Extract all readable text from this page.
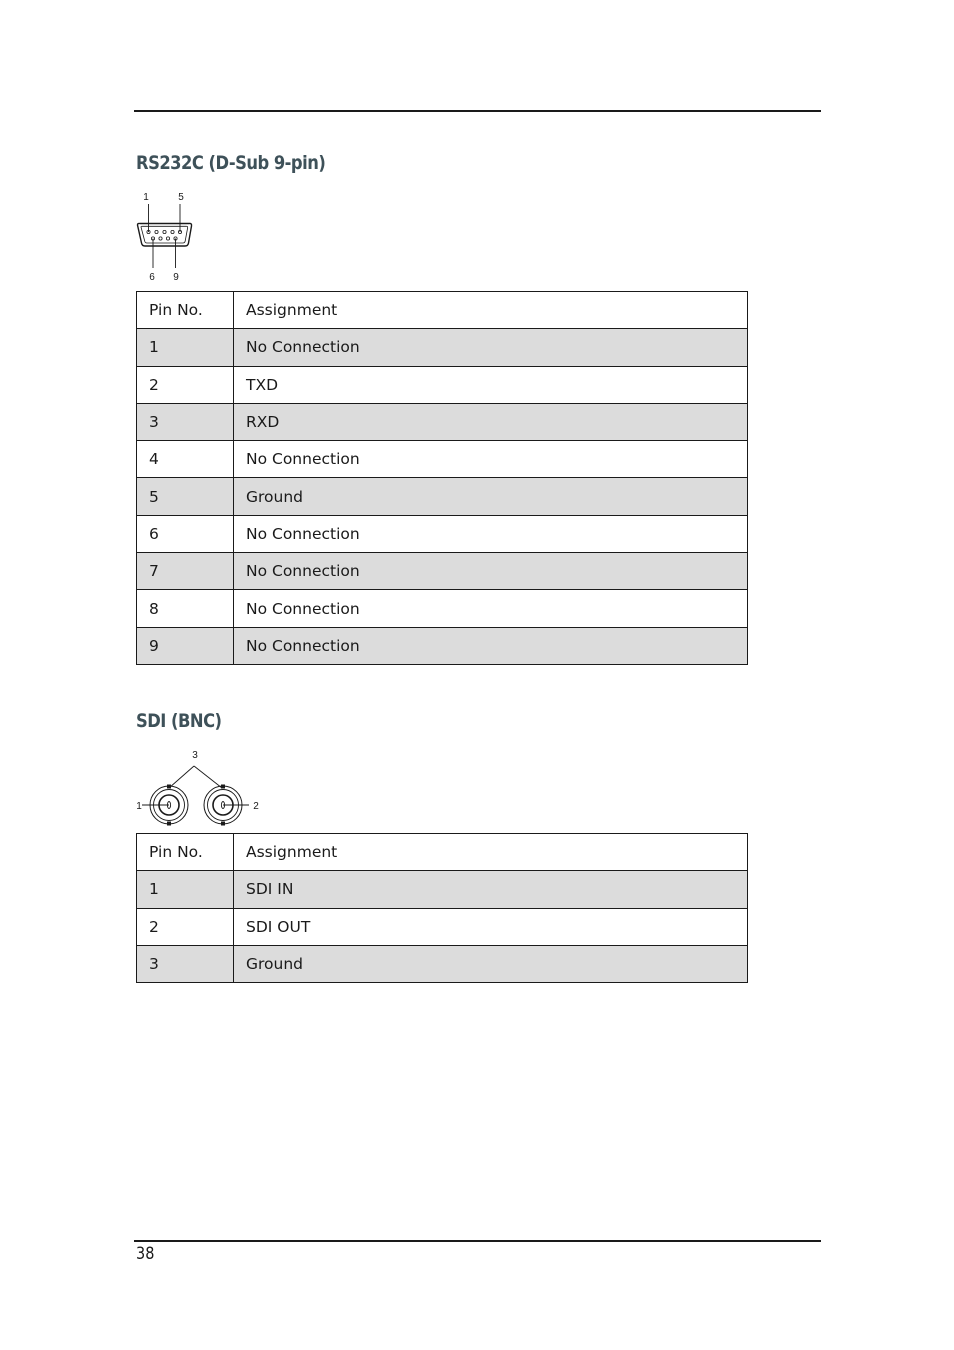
RS232C (D-Sub 9-pin)
1	5
6 9
Pin No.	Assignment
1	No Connection
2	TXD
3	RXD
4	No Connection
5	Ground
6	No Connection
7	No Connection
8	No Connection
9	No Connection
SDI (BNC)
3
1	2
Pin No.	Assignment
1	SDI IN
2	SDI OUT
3	Ground
38
